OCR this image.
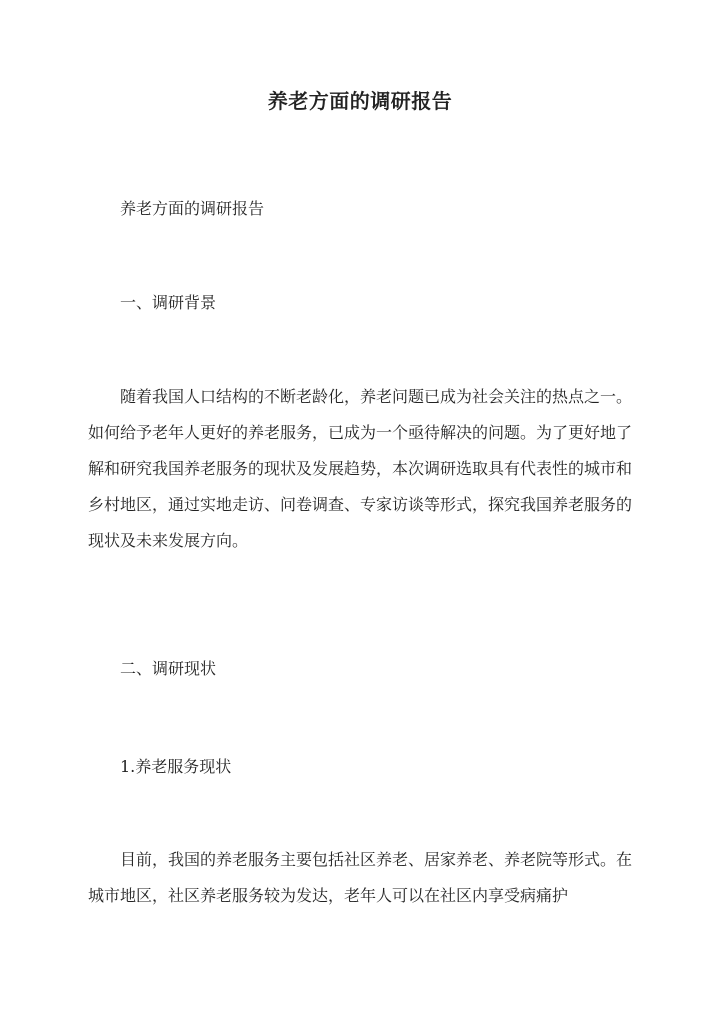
养老方面的调研报告
养老方面的调研报告
一、调研背景

随着我国人口结构的不断老龄化，养老问题已成为社会关注的热点之一。如何给予老年人更好的养老服务，已成为一个亟待解决的问题。为了更好地了解和研究我国养老服务的现状及发展趋势，本次调研选取具有代表性的城市和乡村地区，通过实地走访、问卷调查、专家访谈等形式，探究我国养老服务的现状及未来发展方向。

二、调研现状
1.养老服务现状

目前，我国的养老服务主要包括社区养老、居家养老、养老院等形式。在城市地区，社区养老服务较为发达，老年人可以在社区内享受病痛护
